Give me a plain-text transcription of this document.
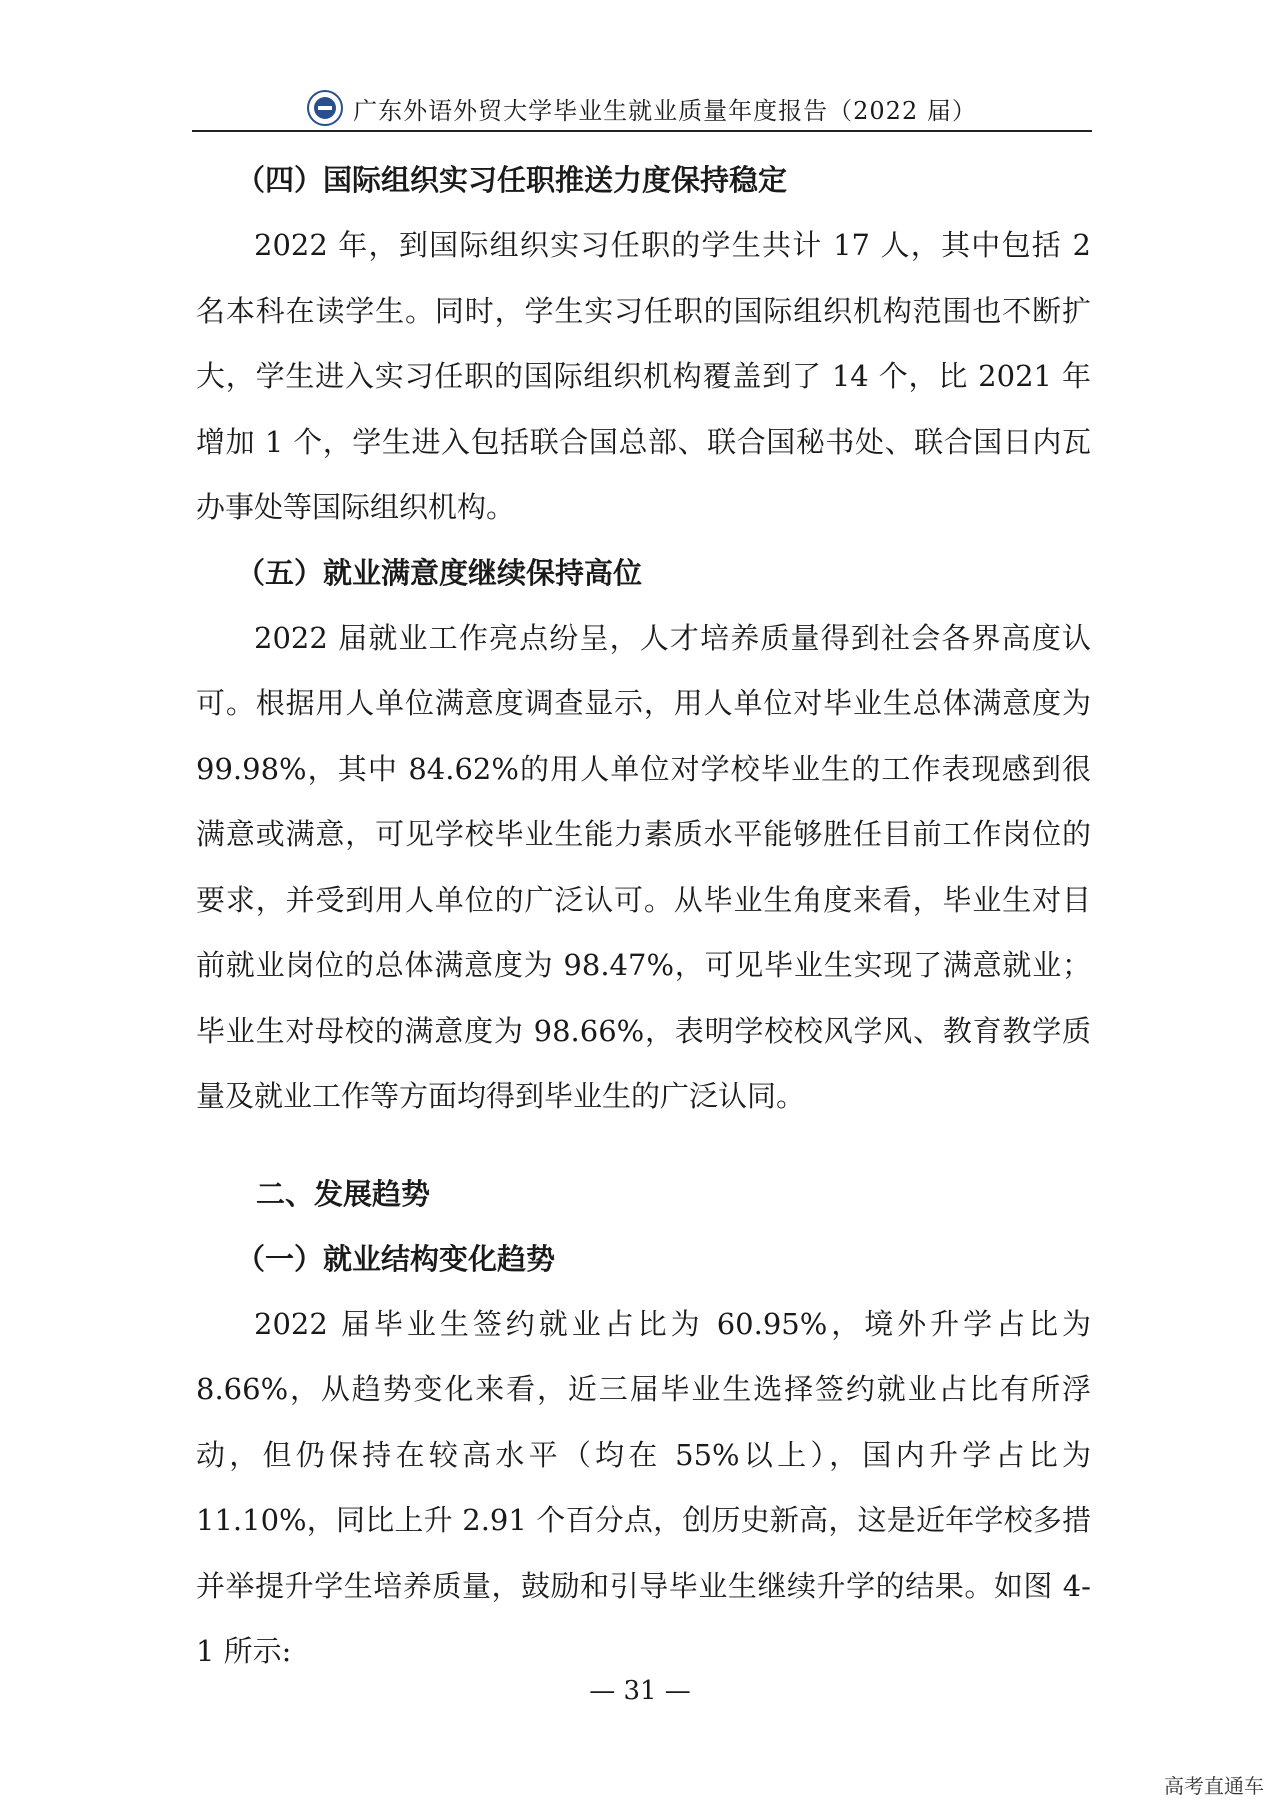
广东外语外贸大学毕业生就业质量年度报告（2022 届）
（四）国际组织实习任职推送力度保持稳定

2022 年，到国际组织实习任职的学生共计 17 人，其中包括 2 名本科在读学生。同时，学生实习任职的国际组织机构范围也不断扩大，学生进入实习任职的国际组织机构覆盖到了 14 个，比 2021 年增加 1 个，学生进入包括联合国总部、联合国秘书处、联合国日内瓦办事处等国际组织机构。

（五）就业满意度继续保持高位

2022 届就业工作亮点纷呈，人才培养质量得到社会各界高度认可。根据用人单位满意度调查显示，用人单位对毕业生总体满意度为 99.98%，其中 84.62%的用人单位对学校毕业生的工作表现感到很满意或满意，可见学校毕业生能力素质水平能够胜任目前工作岗位的要求，并受到用人单位的广泛认可。从毕业生角度来看，毕业生对目前就业岗位的总体满意度为 98.47%，可见毕业生实现了满意就业；毕业生对母校的满意度为 98.66%，表明学校校风学风、教育教学质量及就业工作等方面均得到毕业生的广泛认同。

二、发展趋势
（一）就业结构变化趋势

2022 届毕业生签约就业占比为 60.95%，境外升学占比为 8.66%，从趋势变化来看，近三届毕业生选择签约就业占比有所浮动，但仍保持在较高水平（均在 55%以上），国内升学占比为 11.10%，同比上升 2.91 个百分点，创历史新高，这是近年学校多措并举提升学生培养质量，鼓励和引导毕业生继续升学的结果。如图 4-1 所示:

— 31 —
高考直通车
